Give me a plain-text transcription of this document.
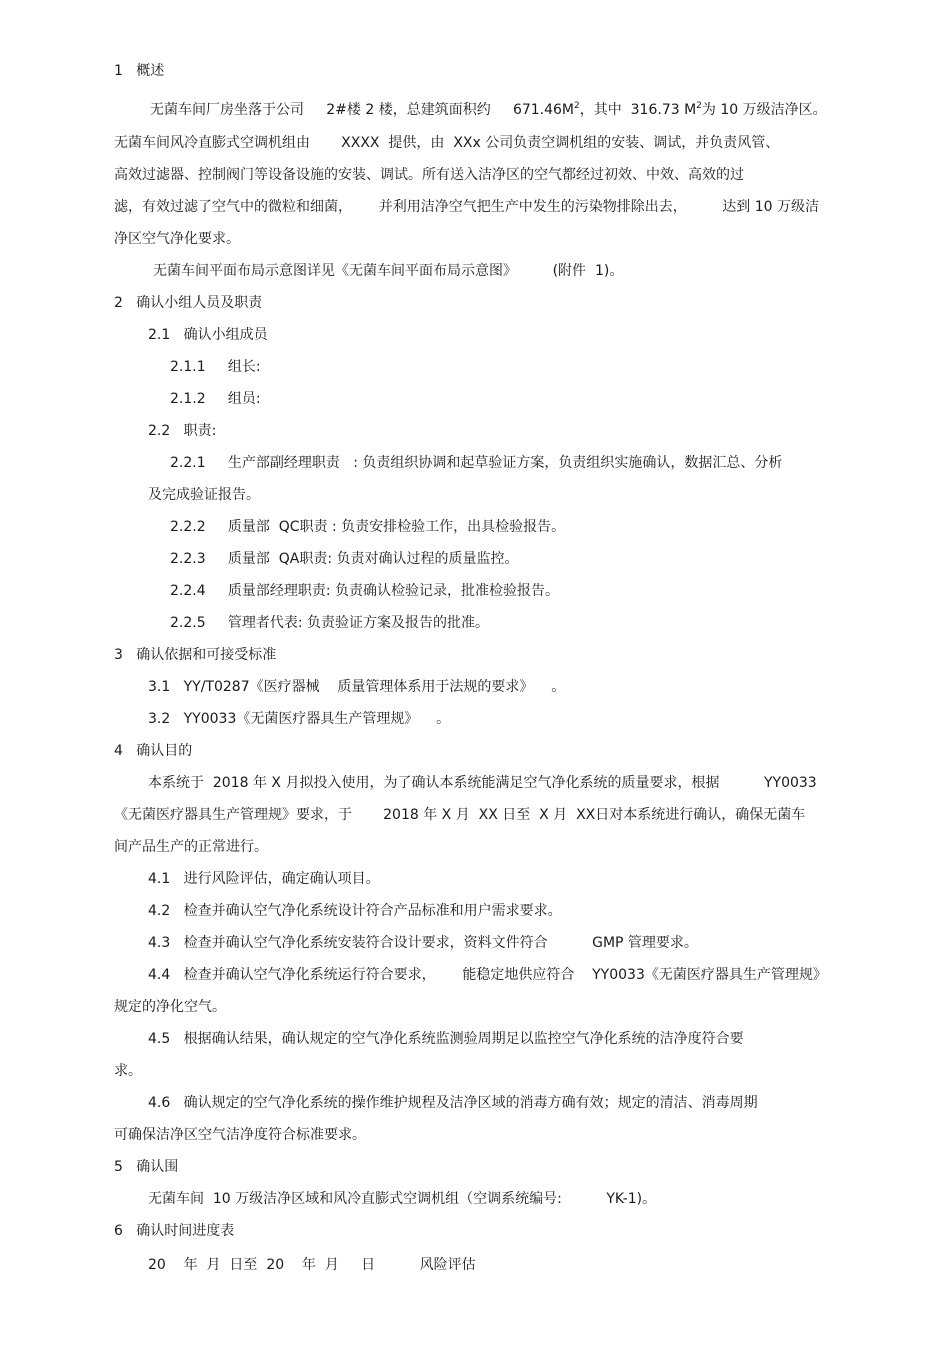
1   概述
无菌车间厂房坐落于公司     2#楼 2 楼，总建筑面积约     $671.46M^2$，其中  316.73 $M^2$为 10 万级洁净区。
无菌车间风冷直膨式空调机组由       XXXX  提供，由  XXx 公司负责空调机组的安装、调试，并负责风管、
高效过滤器、控制阀门等设备设施的安装、调试。所有送入洁净区的空气都经过初效、中效、高效的过
滤，有效过滤了空气中的微粒和细菌，      并利用洁净空气把生产中发生的污染物排除出去，        达到 10 万级洁
净区空气净化要求。
无菌车间平面布局示意图详见《无菌车间平面布局示意图》        (附件  1)。
2   确认小组人员及职责
2.1   确认小组成员
2.1.1     组长:
2.1.2     组员:
2.2   职责:
2.2.1     生产部副经理职责   : 负责组织协调和起草验证方案，负责组织实施确认，数据汇总、分析
及完成验证报告。
2.2.2     质量部  QC职责 : 负责安排检验工作，出具检验报告。
2.2.3     质量部  QA职责: 负责对确认过程的质量监控。
2.2.4     质量部经理职责: 负责确认检验记录，批准检验报告。
2.2.5     管理者代表: 负责验证方案及报告的批准。
3   确认依据和可接受标准
3.1   YY/T0287《医疗器械    质量管理体系用于法规的要求》    。
3.2   YY0033《无菌医疗器具生产管理规》    。
4   确认目的
本系统于  2018 年 X 月拟投入使用，为了确认本系统能满足空气净化系统的质量要求，根据          YY0033
《无菌医疗器具生产管理规》要求，于       2018 年 X 月  XX 日至  X 月  XX日对本系统进行确认，确保无菌车
间产品生产的正常进行。
4.1   进行风险评估，确定确认项目。
4.2   检查并确认空气净化系统设计符合产品标准和用户需求要求。
4.3   检查并确认空气净化系统安装符合设计要求，资料文件符合          GMP 管理要求。
4.4   检查并确认空气净化系统运行符合要求，      能稳定地供应符合    YY0033《无菌医疗器具生产管理规》
规定的净化空气。
4.5   根据确认结果，确认规定的空气净化系统监测验周期足以监控空气净化系统的洁净度符合要
求。
4.6   确认规定的空气净化系统的操作维护规程及洁净区域的消毒方确有效；规定的清洁、消毒周期
可确保洁净区空气洁净度符合标准要求。
5   确认围
无菌车间  10 万级洁净区域和风冷直膨式空调机组（空调系统编号:          YK-1)。
6   确认时间进度表
20    年  月  日至  20    年  月     日          风险评估
